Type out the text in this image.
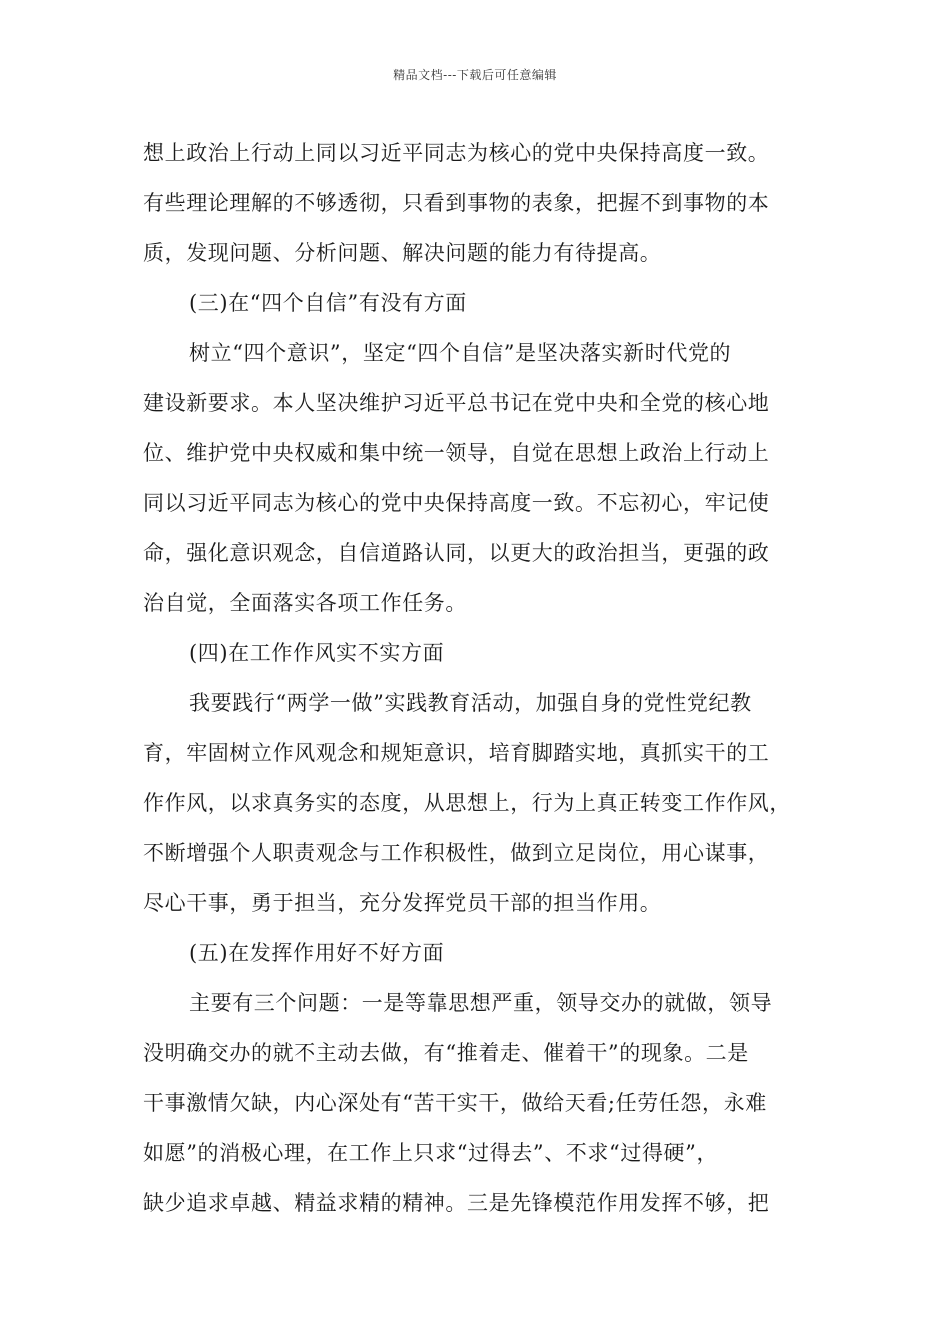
精品文档---下载后可任意编辑
想上政治上行动上同以习近平同志为核心的党中央保持高度一致。
有些理论理解的不够透彻，只看到事物的表象，把握不到事物的本
质，发现问题、分析问题、解决问题的能力有待提高。
(三)在“四个自信”有没有方面
树立“四个意识”，坚定“四个自信”是坚决落实新时代党的
建设新要求。本人坚决维护习近平总书记在党中央和全党的核心地
位、维护党中央权威和集中统一领导，自觉在思想上政治上行动上
同以习近平同志为核心的党中央保持高度一致。不忘初心，牢记使
命，强化意识观念，自信道路认同，以更大的政治担当，更强的政
治自觉，全面落实各项工作任务。
(四)在工作作风实不实方面
我要践行“两学一做”实践教育活动，加强自身的党性党纪教
育，牢固树立作风观念和规矩意识，培育脚踏实地，真抓实干的工
作作风，以求真务实的态度，从思想上，行为上真正转变工作作风，
不断增强个人职责观念与工作积极性，做到立足岗位，用心谋事，
尽心干事，勇于担当，充分发挥党员干部的担当作用。
(五)在发挥作用好不好方面
主要有三个问题：一是等靠思想严重，领导交办的就做，领导
没明确交办的就不主动去做，有“推着走、催着干”的现象。二是
干事激情欠缺，内心深处有“苦干实干，做给天看;任劳任怨，永难
如愿”的消极心理，在工作上只求“过得去”、不求“过得硬”，
缺少追求卓越、精益求精的精神。三是先锋模范作用发挥不够，把
